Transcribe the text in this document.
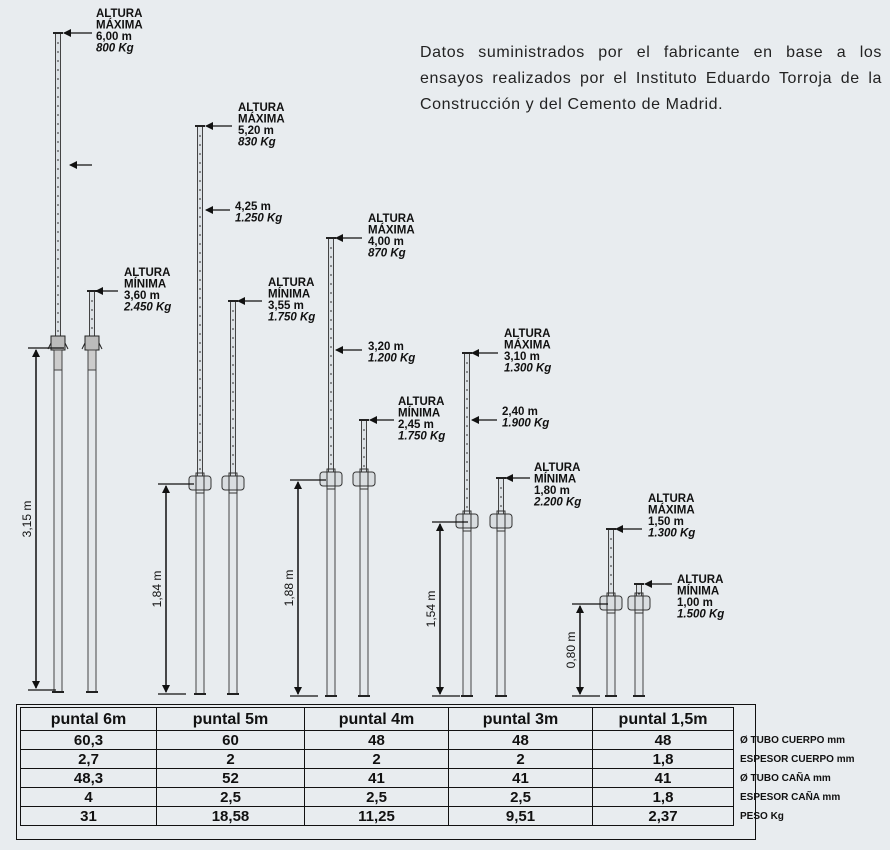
Datos suministrados por el fabricante en base a los ensayos realizados por el Instituto Eduardo Torroja de la Construcción y del Cemento de Madrid.

3,15 m
1,84 m	1,88 m
1,54 m
0,80 m
ALTURA MÁXIMA 6,00 m 800 Kg
ALTURA MÍNIMA 3,60 m 2.450 Kg
ALTURA MÁXIMA 5,20 m 830 Kg
4,25 m 1.250 Kg
ALTURA MÍNIMA 3,55 m 1.750 Kg
ALTURA MÁXIMA 4,00 m 870 Kg
3,20 m 1.200 Kg
ALTURA MÍNIMA 2,45 m 1.750 Kg
ALTURA MÁXIMA 3,10 m 1.300 Kg
2,40 m 1.900 Kg
ALTURA MÍNIMA 1,80 m 2.200 Kg	ALTURA MÁXIMA 1,50 m 1.300 Kg
ALTURA MÍNIMA 1,00 m 1.500 Kg
puntal 6m	puntal 5m	puntal 4m	puntal 3m	puntal 1,5m	
60,3	60	48	48	48	Ø TUBO CUERPO mm
2,7	2	2	2	1,8	ESPESOR CUERPO mm
48,3	52	41	41	41	Ø TUBO CAÑA mm
4	2,5	2,5	2,5	1,8	ESPESOR CAÑA mm
31	18,58	11,25	9,51	2,37	PESO Kg
